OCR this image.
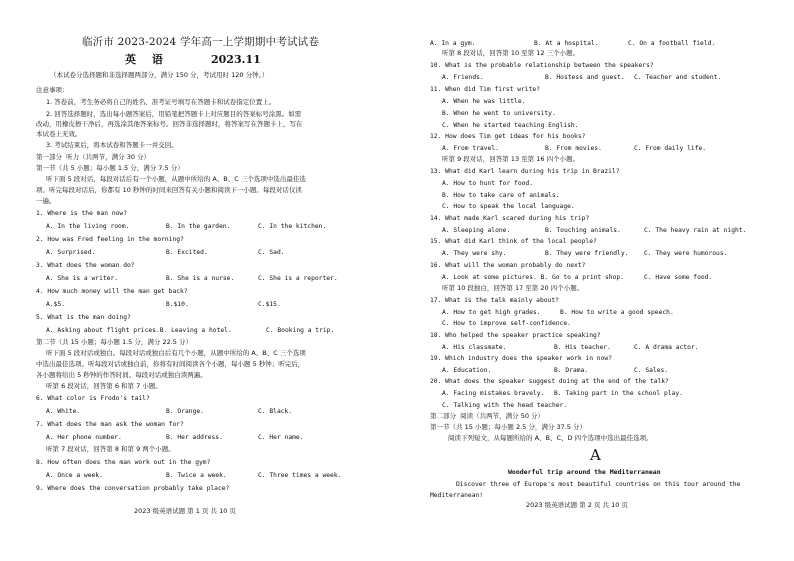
临沂市 2023-2024 学年高一上学期期中考试试卷
英 语	2023.11
（本试卷分选择题和非选择题两部分，满分 150 分，考试用时 120 分钟。）
注意事项：
1. 答卷前，考生务必将自己的姓名、准考证号填写在答题卡和试卷指定位置上。
2. 回答选择题时，选出每小题答案后，用铅笔把答题卡上对应题目的答案标号涂黑。如需
改动，用橡皮擦干净后，再选涂其他答案标号。回答非选择题时，将答案写在答题卡上，写在
本试卷上无效。
3. 考试结束后，将本试卷和答题卡一并交回。
第一部分  听力（共两节，满分 30 分）
第一节（共 5 小题；每小题 1.5 分，满分 7.5 分）
听下面 5 段对话，每段对话后有一个小题，从题中所给的 A、B、C 三个选项中选出最佳选
项。听完每段对话后，你都有 10 秒钟的时间来回答有关小题和阅读下一小题。每段对话仅读
一遍。
1. Where is the man now?
A. In the living room.	B. In the garden.	C. In the kitchen.
2. How was Fred feeling in the morning?
A. Surprised.	B. Excited.	C. Sad.
3. What does the woman do?
A. She is a writer.	B. She is a nurse.	C. She is a reporter.
4. How much money will the man get back?
A.$5.	B.$10.	C.$15.
5. What is the man doing?
A. Asking about flight prices.B. Leaving a hotel.	C. Booking a trip.
第二节（共 15 小题；每小题 1.5 分，满分 22.5 分）
听下面 5 段对话或独白。每段对话或独白后有几个小题，从题中所给的 A、B、C 三个选项
中选出最佳选项。听每段对话或独白前，你将有时间阅读各个小题，每小题 5 秒钟；听完后，
各小题将给出 5 秒钟的作答时间。每段对话或独白读两遍。
听第 6 段对话，回答第 6 和第 7 小题。
6. What color is Frodo's tail?
A. White.	B. Orange.	C. Black.
7. What does the man ask the woman for?
A. Her phone number.	B. Her address.	C. Her name.
听第 7 段对话，回答第 8 和第 9 两个小题。
8. How often does the man work out in the gym?
A. Once a week.	B. Twice a week.	C. Three times a week.
9. Where does the conversation probably take place?
2023 级英语试题 第 1 页 共 10 页
A. In a gym.	B. At a hospital.	C. On a football field.
听第 8 段对话，回答第 10 至第 12 三个小题。
10. What is the probable relationship between the speakers?
A. Friends.	B. Hostess and guest. C. Teacher and student.
11. When did Tim first write?
A. When he was little.
B. When he went to university.
C. When he started teaching English.
12. How does Tim get ideas for his books?
A. From travel.	B. From movies.	C. From daily life.
听第 9 段对话，回答第 13 至第 16 四个小题。
13. What did Karl learn during his trip in Brazil?
A. How to hunt for food.
B. How to take care of animals.
C. How to speak the local language.
14. What made Karl scared during his trip?
A. Sleeping alone.	B. Touching animals.	C. The heavy rain at night.
15. What did Karl think of the local people?
A. They were shy.	B. They were friendly. C. They were humorous.
16. What will the woman probably do next?
A. Look at some pictures. B. Go to a print shop.	C. Have some food.
听第 10 段独白，回答第 17 至第 20 四个小题。
17. What is the talk mainly about?
A. How to get high grades.	B. How to write a good speech.
C. How to improve self-confidence.
18. Who helped the speaker practice speaking?
A. His classmate.	B. His teacher.	C. A drama actor.
19. Which industry does the speaker work in now?
A. Education.	B. Drama.	C. Sales.
20. What does the speaker suggest doing at the end of the talk?
A. Facing mistakes bravely. B. Taking part in the school play.
C. Talking with the head teacher.
第二部分  阅读（共两节，满分 50 分）
第一节（共 15 小题；每小题 2.5 分，满分 37.5 分）
阅读下列短文，从每题所给的 A、B、C、D 四个选项中选出最佳选项。
A
Wonderful trip around the Mediterranean
Discover three of Europe's most beautiful countries on this tour around the
Mediterranean!
2023 级英语试题 第 2 页 共 10 页
